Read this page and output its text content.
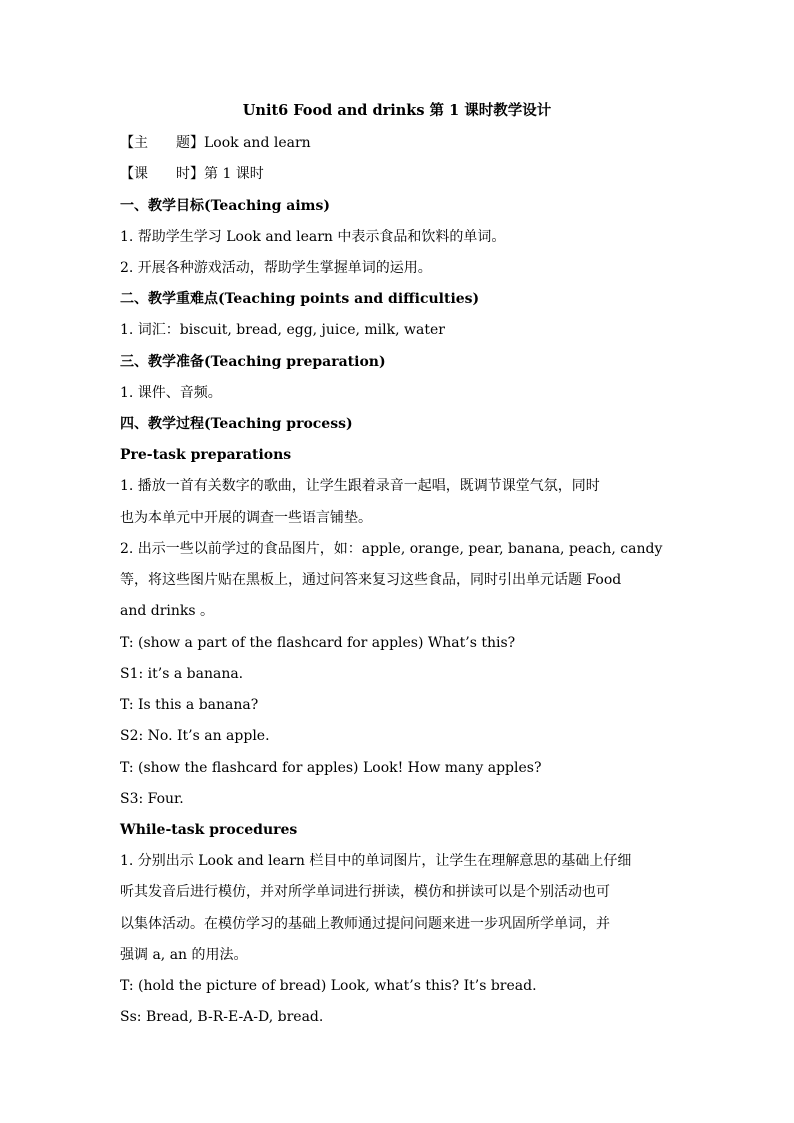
Unit6 Food and drinks 第 1 课时教学设计
【主　　题】Look and learn
【课　　时】第 1 课时
一、教学目标(Teaching aims)
1. 帮助学生学习 Look and learn 中表示食品和饮料的单词。
2. 开展各种游戏活动，帮助学生掌握单词的运用。
二、教学重难点(Teaching points and difficulties)
1. 词汇：biscuit, bread, egg, juice, milk, water
三、教学准备(Teaching preparation)
1. 课件、音频。
四、教学过程(Teaching process)
Pre-task preparations
1. 播放一首有关数字的歌曲，让学生跟着录音一起唱，既调节课堂气氛，同时
也为本单元中开展的调查一些语言铺垫。
2. 出示一些以前学过的食品图片，如：apple, orange, pear, banana, peach, candy
等，将这些图片贴在黑板上，通过问答来复习这些食品，同时引出单元话题 Food
and drinks 。
T: (show a part of the flashcard for apples) What’s this?
S1: it’s a banana.
T: Is this a banana?
S2: No. It’s an apple.
T: (show the flashcard for apples) Look! How many apples?
S3: Four.
While-task procedures
1. 分别出示 Look and learn 栏目中的单词图片，让学生在理解意思的基础上仔细
听其发音后进行模仿，并对所学单词进行拼读，模仿和拼读可以是个别活动也可
以集体活动。在模仿学习的基础上教师通过提问问题来进一步巩固所学单词，并
强调 a, an 的用法。
T: (hold the picture of bread) Look, what’s this? It’s bread.
Ss: Bread, B-R-E-A-D, bread.
